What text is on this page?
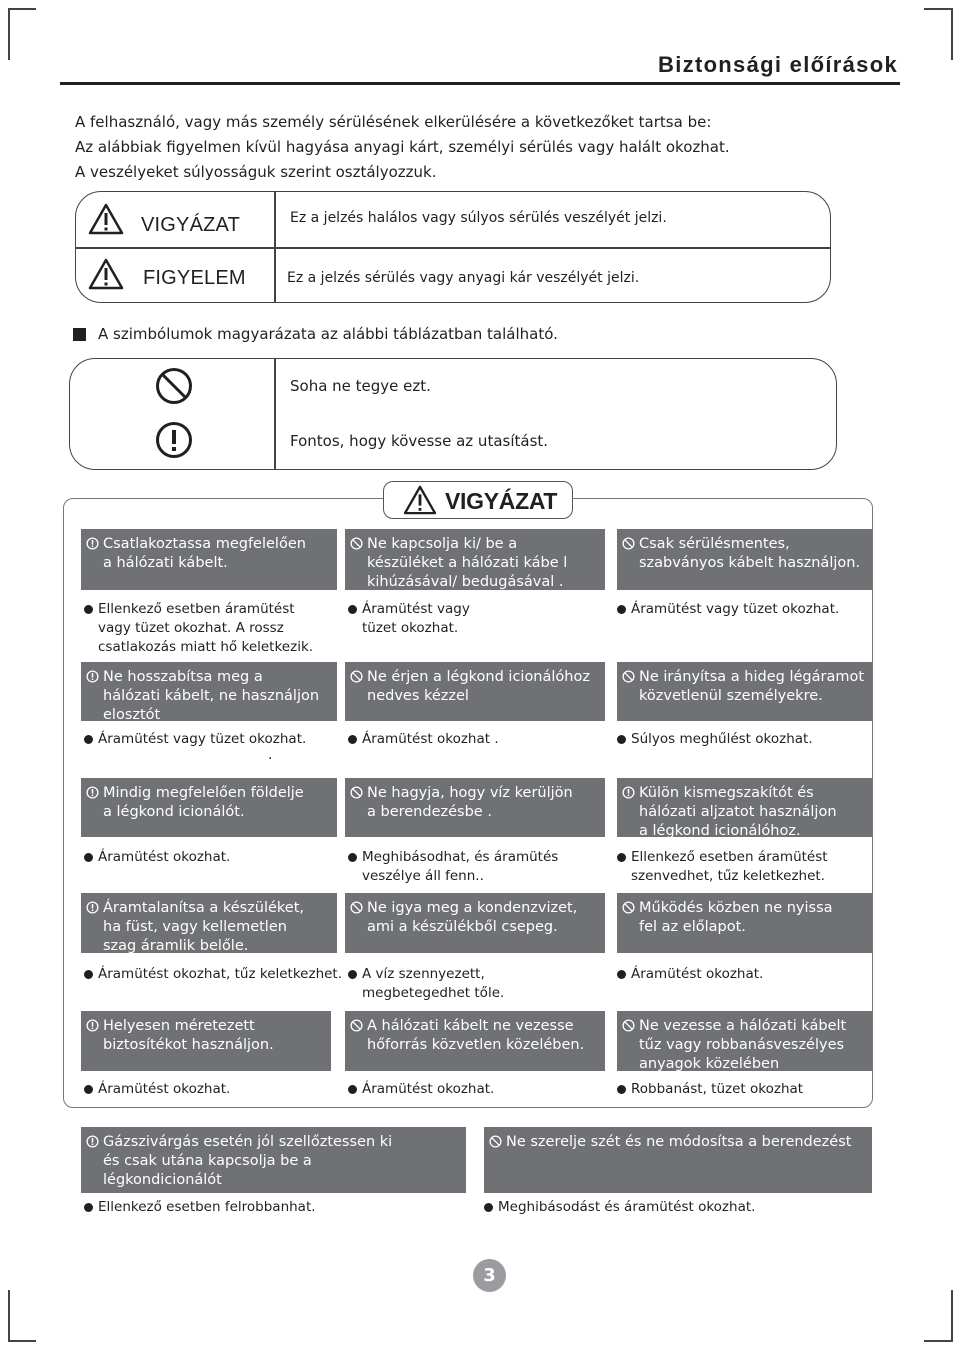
Biztonsági előírások
A felhasználó, vagy más személy sérülésének elkerülésére a következőket tartsa be:
Az alábbiak figyelmen kívül hagyása anyagi kárt, személyi sérülés vagy halált okozhat.
A veszélyeket súlyosságuk szerint osztályozzuk.
VIGYÁZAT	Ez a jelzés halálos vagy súlyos sérülés veszélyét jelzi.
FIGYELEM	Ez a jelzés sérülés vagy anyagi kár veszélyét jelzi.
A szimbólumok magyarázata az alábbi táblázatban található.
Soha ne tegye ezt.
Fontos, hogy kövesse az utasítást.
VIGYÁZAT
Csatlakoztassa megfelelően
a hálózati kábelt.
Ellenkező esetben áramütést
vagy tüzet okozhat. A rossz
csatlakozás miatt hő keletkezik.
Ne kapcsolja ki/ be a
készüléket a hálózati kábe l
kihúzásával/ bedugásával .
Áramütést vagy
tüzet okozhat.
Csak sérülésmentes,
szabványos kábelt használjon.
Áramütést vagy tüzet okozhat.
Ne hosszabítsa meg a
hálózati kábelt, ne használjon
elosztót
Áramütést vagy tüzet okozhat.
Ne érjen a légkond icionálóhoz
nedves kézzel
Áramütést okozhat .
Ne irányítsa a hideg légáramot
közvetlenül személyekre.
Súlyos meghűlést okozhat.
Mindig megfelelően földelje
a légkond icionálót.
Áramütést okozhat.
Ne hagyja, hogy víz kerüljön
a berendezésbe .
Meghibásodhat, és áramütés
veszélye áll fenn..
Külön kismegszakítót és
hálózati aljzatot használjon
a légkond icionálóhoz.
Ellenkező esetben áramütést
szenvedhet, tűz keletkezhet.
Áramtalanítsa a készüléket,
ha füst, vagy kellemetlen
szag áramlik belőle.
Áramütést okozhat, tűz keletkezhet.
Ne igya meg a kondenzvizet,
ami a készülékből csepeg.
A víz szennyezett,
megbetegedhet tőle.
Működés közben ne nyissa
fel az előlapot.
Áramütést okozhat.
Helyesen méretezett
biztosítékot használjon.
Áramütést okozhat.
A hálózati kábelt ne vezesse
hőforrás közvetlen közelében.
Áramütést okozhat.
Ne vezesse a hálózati kábelt
tűz vagy robbanásveszélyes
anyagok közelében
Robbanást, tüzet okozhat
Gázszivárgás esetén jól szellőztessen ki
és csak utána kapcsolja be a
légkondicionálót
Ellenkező esetben felrobbanhat.
Ne szerelje szét és ne módosítsa a berendezést
Meghibásodást és áramütést okozhat.
.
3
